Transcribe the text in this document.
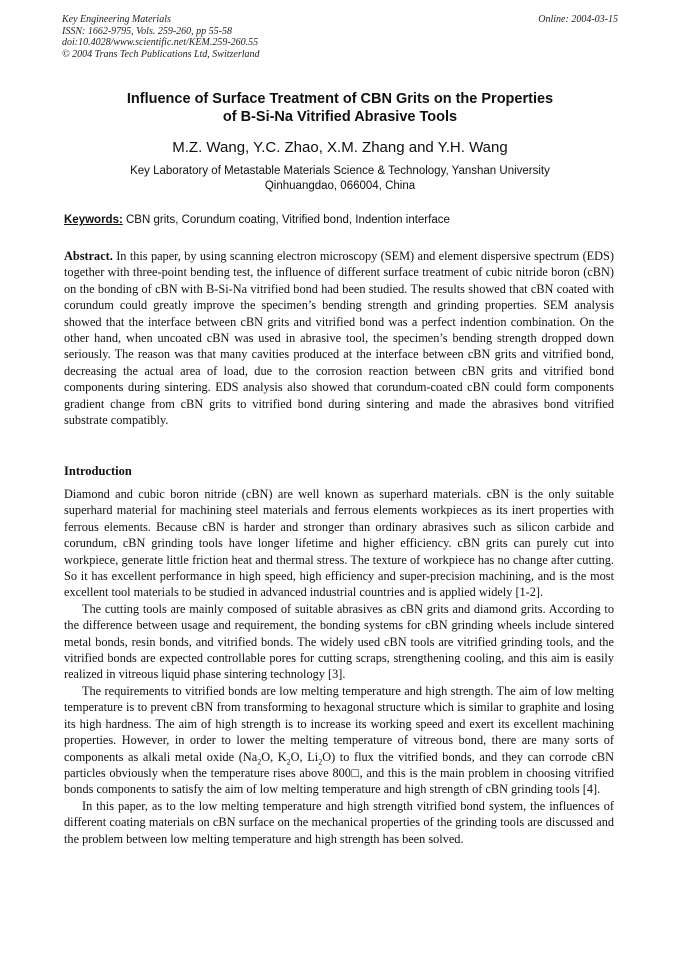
Key Engineering Materials
ISSN: 1662-9795, Vols. 259-260, pp 55-58
doi:10.4028/www.scientific.net/KEM.259-260.55
© 2004 Trans Tech Publications Ltd, Switzerland
Online: 2004-03-15
Influence of Surface Treatment of CBN Grits on the Properties
of B-Si-Na Vitrified Abrasive Tools
M.Z. Wang, Y.C. Zhao, X.M. Zhang and Y.H. Wang
Key Laboratory of Metastable Materials Science & Technology, Yanshan University
Qinhuangdao, 066004, China
Keywords: CBN grits, Corundum coating, Vitrified bond, Indention interface

Abstract. In this paper, by using scanning electron microscopy (SEM) and element dispersive spectrum (EDS) together with three-point bending test, the influence of different surface treatment of cubic nitride boron (cBN) on the bonding of cBN with B-Si-Na vitrified bond had been studied. The results showed that cBN coated with corundum could greatly improve the specimen’s bending strength and grinding properties. SEM analysis showed that the interface between cBN grits and vitrified bond was a perfect indention combination. On the other hand, when uncoated cBN was used in abrasive tool, the specimen’s bending strength dropped down seriously. The reason was that many cavities produced at the interface between cBN grits and vitrified bond, decreasing the actual area of load, due to the corrosion reaction between cBN grits and vitrified bond components during sintering. EDS analysis also showed that corundum-coated cBN could form components gradient change from cBN grits to vitrified bond during sintering and made the abrasives bond vitrified substrate compatibly.

Introduction

Diamond and cubic boron nitride (cBN) are well known as superhard materials. cBN is the only suitable superhard material for machining steel materials and ferrous elements workpieces as its inert properties with ferrous elements. Because cBN is harder and stronger than ordinary abrasives such as silicon carbide and corundum, cBN grinding tools have longer lifetime and higher efficiency. cBN grits can purely cut into workpiece, generate little friction heat and thermal stress. The texture of workpiece has no change after cutting. So it has excellent performance in high speed, high efficiency and super-precision machining, and is the most excellent tool materials to be studied in advanced industrial countries and is applied widely [1-2].

The cutting tools are mainly composed of suitable abrasives as cBN grits and diamond grits. According to the difference between usage and requirement, the bonding systems for cBN grinding wheels include sintered metal bonds, resin bonds, and vitrified bonds. The widely used cBN tools are vitrified grinding tools, and the vitrified bonds are expected controllable pores for cutting scraps, strengthening cooling, and this aim is easily realized in vitreous liquid phase sintering technology [3].

The requirements to vitrified bonds are low melting temperature and high strength. The aim of low melting temperature is to prevent cBN from transforming to hexagonal structure which is similar to graphite and losing its high hardness. The aim of high strength is to increase its working speed and exert its excellent machining properties. However, in order to lower the melting temperature of vitreous bond, there are many sorts of components as alkali metal oxide ($Na_2O$, $K_2O$, $Li_2O$) to flux the vitrified bonds, and they can corrode cBN particles obviously when the temperature rises above 800□, and this is the main problem in choosing vitrified bonds components to satisfy the aim of low melting temperature and high strength of cBN grinding tools [4].

In this paper, as to the low melting temperature and high strength vitrified bond system, the influences of different coating materials on cBN surface on the mechanical properties of the grinding tools are discussed and the problem between low melting temperature and high strength has been solved.
